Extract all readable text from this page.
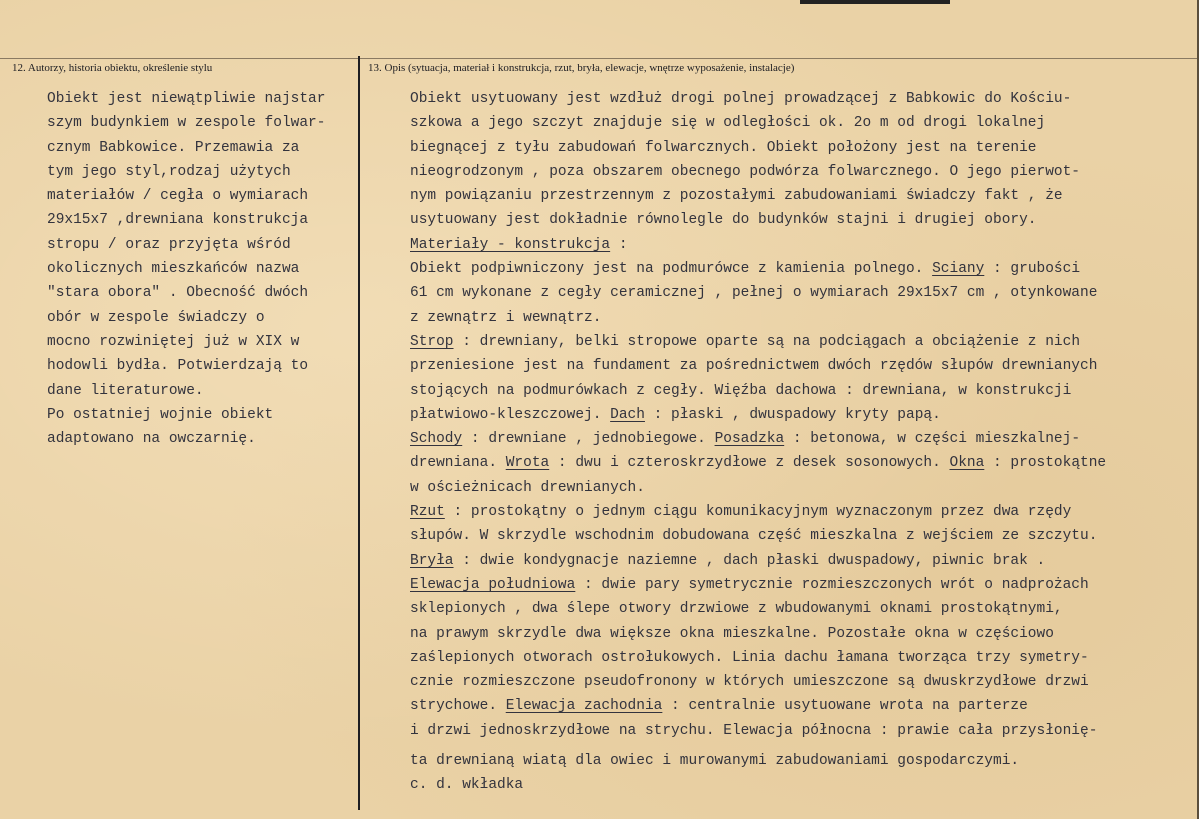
12. Autorzy, historia obiektu, określenie stylu	13. Opis (sytuacja, materiał i konstrukcja, rzut, bryła, elewacje, wnętrze wyposażenie, instalacje)
Obiekt jest niewątpliwie najstar
szym budynkiem w zespole folwar-
cznym Babkowice. Przemawia za
tym jego styl,rodzaj użytych
materiałów / cegła o wymiarach
29x15x7 ,drewniana konstrukcja
stropu / oraz przyjęta wśród
okolicznych mieszkańców nazwa
"stara obora" . Obecność dwóch
obór w zespole świadczy o
mocno rozwiniętej już w XIX w
hodowli bydła. Potwierdzają to
dane literaturowe.
Po ostatniej wojnie obiekt
adaptowano na owczarnię.
Obiekt usytuowany jest wzdłuż drogi polnej prowadzącej z Babkowic do Kościu-
szkowa a jego szczyt znajduje się w odległości ok. 2o m od drogi lokalnej
biegnącej z tyłu zabudowań folwarcznych. Obiekt położony jest na terenie
nieogrodzonym , poza obszarem obecnego podwórza folwarcznego. O jego pierwot-
nym powiązaniu przestrzennym z pozostałymi zabudowaniami świadczy fakt , że
usytuowany jest dokładnie równolegle do budynków stajni i drugiej obory.
Materiały - konstrukcja :
Obiekt podpiwniczony jest na podmurówce z kamienia polnego. Sciany : grubości
61 cm wykonane z cegły ceramicznej , pełnej o wymiarach 29x15x7 cm , otynkowane
z zewnątrz i wewnątrz.
Strop : drewniany, belki stropowe oparte są na podciągach a obciążenie z nich
przeniesione jest na fundament za pośrednictwem dwóch rzędów słupów drewnianych
stojących na podmurówkach z cegły. Więźba dachowa : drewniana, w konstrukcji
płatwiowo-kleszczowej. Dach : płaski , dwuspadowy kryty papą.
Schody : drewniane , jednobiegowe. Posadzka : betonowa, w części mieszkalnej-
drewniana. Wrota : dwu i czteroskrzydłowe z desek sosonowych. Okna : prostokątne
w ościeżnicach drewnianych.
Rzut : prostokątny o jednym ciągu komunikacyjnym wyznaczonym przez dwa rzędy
słupów. W skrzydle wschodnim dobudowana część mieszkalna z wejściem ze szczytu.
Bryła : dwie kondygnacje naziemne , dach płaski dwuspadowy, piwnic brak .
Elewacja południowa : dwie pary symetrycznie rozmieszczonych wrót o nadprożach
sklepionych , dwa ślepe otwory drzwiowe z wbudowanymi oknami prostokątnymi,
na prawym skrzydle dwa większe okna mieszkalne. Pozostałe okna w częściowo
zaślepionych otworach ostrołukowych. Linia dachu łamana tworząca trzy symetry-
cznie rozmieszczone pseudofronony w których umieszczone są dwuskrzydłowe drzwi
strychowe. Elewacja zachodnia : centralnie usytuowane wrota na parterze
i drzwi jednoskrzydłowe na strychu. Elewacja północna : prawie cała przysłonię-
ta drewnianą wiatą dla owiec i murowanymi zabudowaniami gospodarczymi.
c. d. wkładka
